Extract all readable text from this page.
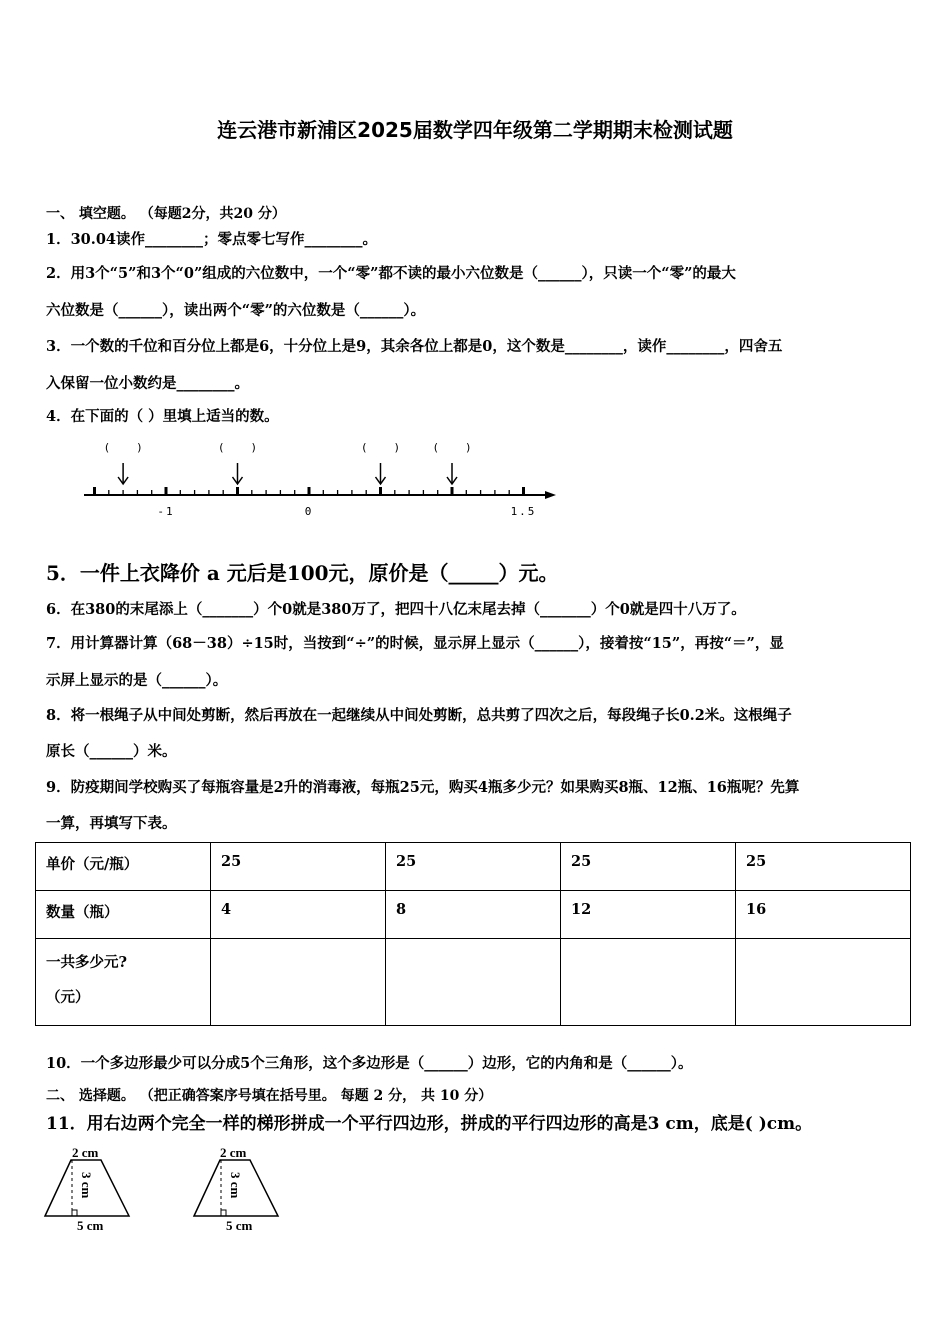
连云港市新浦区2025届数学四年级第二学期期末检测试题
一、 填空题。 （每题2分，共20 分）
1．30.04读作________；零点零七写作________。
2．用3个“5”和3个“0”组成的六位数中，一个“零”都不读的最小六位数是（______），只读一个“零”的最大
六位数是（______），读出两个“零”的六位数是（______）。
3．一个数的千位和百分位上都是6，十分位上是9，其余各位上都是0，这个数是________，读作________，四舍五
入保留一位小数约是________。
4．在下面的（ ）里填上适当的数。
-1	0	1.5
(        )	(        )	(        )	(        )
5．一件上衣降价 a 元后是100元，原价是（_____）元。
6．在380的末尾添上（_______）个0就是380万了，把四十八亿末尾去掉（_______）个0就是四十八万了。
7．用计算器计算（68－38）÷15时，当按到“÷”的时候，显示屏上显示（______），接着按“15”，再按“＝”，显
示屏上显示的是（______）。
8．将一根绳子从中间处剪断，然后再放在一起继续从中间处剪断，总共剪了四次之后，每段绳子长0.2米。这根绳子
原长（______）米。
9．防疫期间学校购买了每瓶容量是2升的消毒液，每瓶25元，购买4瓶多少元？如果购买8瓶、12瓶、16瓶呢？先算
一算，再填写下表。
单价（元/瓶）	25	25	25	25

数量（瓶）	4	8	12	16

一共多少元?
（元）				

10．一个多边形最少可以分成5个三角形，这个多边形是（______）边形，它的内角和是（______）。
二、 选择题。 （把正确答案序号填在括号里。 每题 2 分， 共 10 分）
11．用右边两个完全一样的梯形拼成一个平行四边形，拼成的平行四边形的高是3 cm，底是( )cm。
2 cm
5 cm
3 cm
2 cm
5 cm
3 cm
